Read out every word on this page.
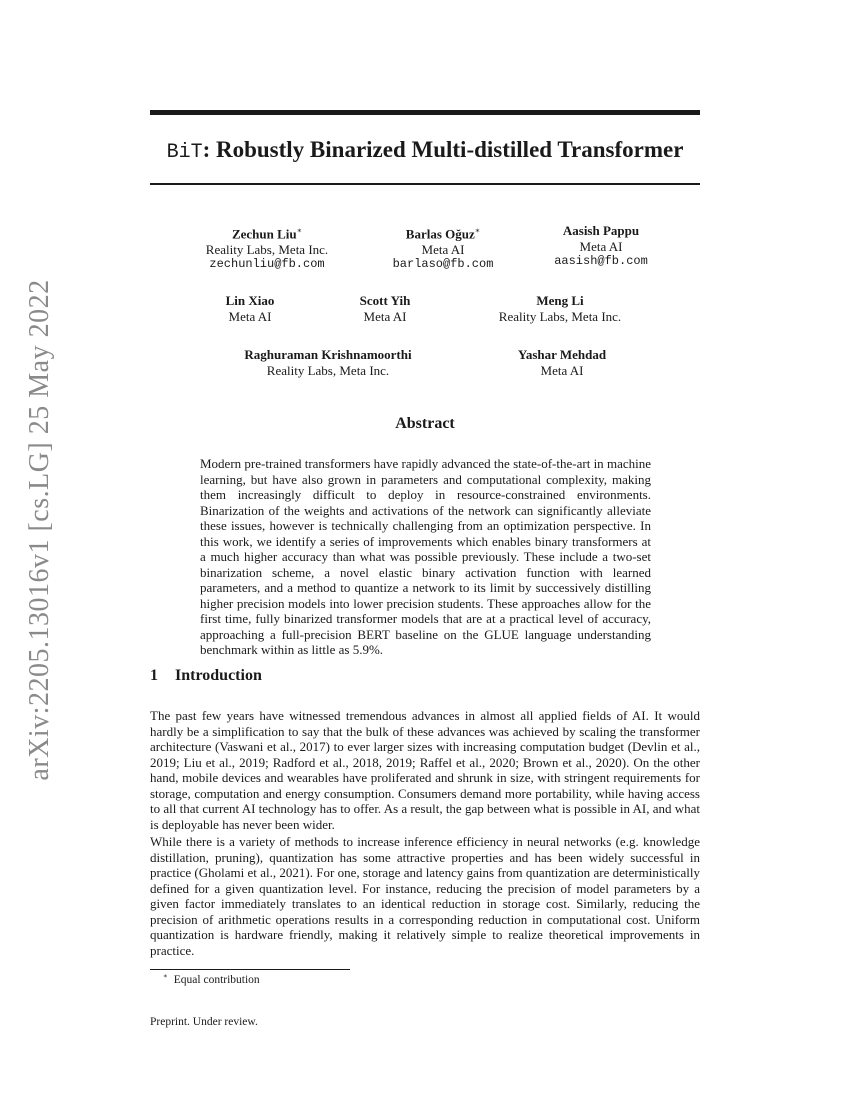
arXiv:2205.13016v1 [cs.LG] 25 May 2022
BiT: Robustly Binarized Multi-distilled Transformer
Zechun Liu∗
Reality Labs, Meta Inc.
zechunliu@fb.com
Barlas Oğuz∗
Meta AI
barlaso@fb.com
Aasish Pappu
Meta AI
aasish@fb.com
Lin Xiao
Meta AI
Scott Yih
Meta AI
Meng Li
Reality Labs, Meta Inc.
Raghuraman Krishnamoorthi
Reality Labs, Meta Inc.
Yashar Mehdad
Meta AI
Abstract

Modern pre-trained transformers have rapidly advanced the state-of-the-art in machine learning, but have also grown in parameters and computational complexity, making them increasingly difficult to deploy in resource-constrained environments. Binarization of the weights and activations of the network can significantly alleviate these issues, however is technically challenging from an optimization perspective. In this work, we identify a series of improvements which enables binary transformers at a much higher accuracy than what was possible previously. These include a two-set binarization scheme, a novel elastic binary activation function with learned parameters, and a method to quantize a network to its limit by successively distilling higher precision models into lower precision students. These approaches allow for the first time, fully binarized transformer models that are at a practical level of accuracy, approaching a full-precision BERT baseline on the GLUE language understanding benchmark within as little as 5.9%.

1 Introduction

The past few years have witnessed tremendous advances in almost all applied fields of AI. It would hardly be a simplification to say that the bulk of these advances was achieved by scaling the transformer architecture (Vaswani et al., 2017) to ever larger sizes with increasing computation budget (Devlin et al., 2019; Liu et al., 2019; Radford et al., 2018, 2019; Raffel et al., 2020; Brown et al., 2020). On the other hand, mobile devices and wearables have proliferated and shrunk in size, with stringent requirements for storage, computation and energy consumption. Consumers demand more portability, while having access to all that current AI technology has to offer. As a result, the gap between what is possible in AI, and what is deployable has never been wider.

While there is a variety of methods to increase inference efficiency in neural networks (e.g. knowledge distillation, pruning), quantization has some attractive properties and has been widely successful in practice (Gholami et al., 2021). For one, storage and latency gains from quantization are deterministically defined for a given quantization level. For instance, reducing the precision of model parameters by a given factor immediately translates to an identical reduction in storage cost. Similarly, reducing the precision of arithmetic operations results in a corresponding reduction in computational cost. Uniform quantization is hardware friendly, making it relatively simple to realize theoretical improvements in practice.

∗ Equal contribution
Preprint. Under review.
